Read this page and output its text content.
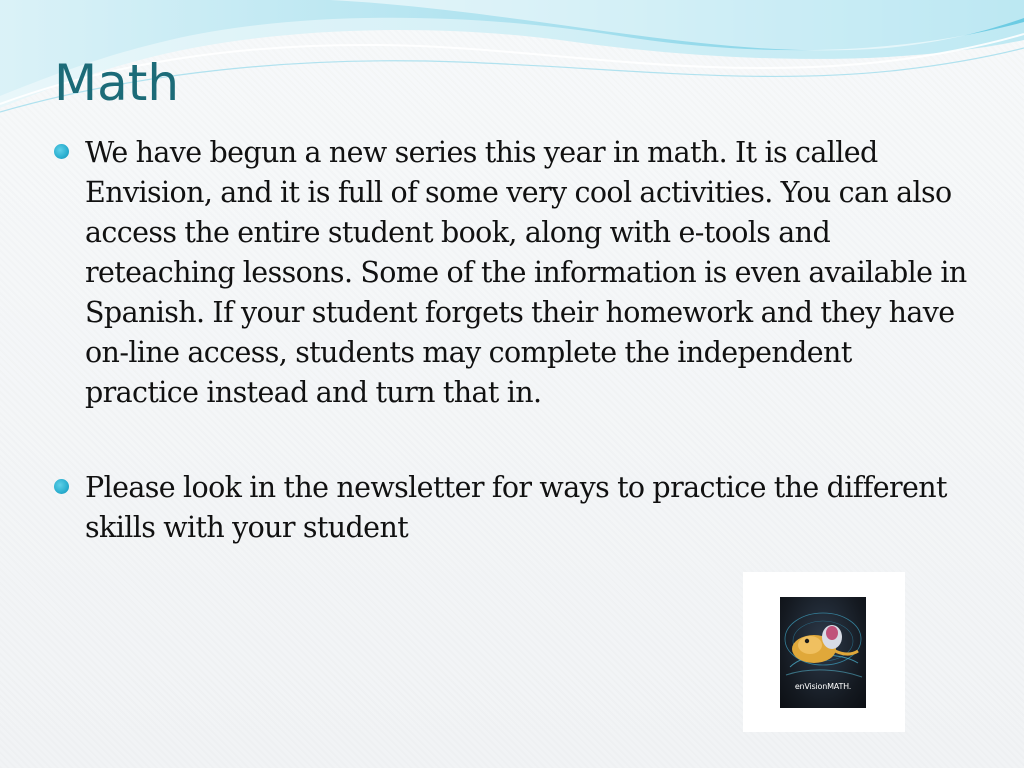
Math
We have begun a new series this year in math. It is called Envision, and it is full of some very cool activities. You can also access the entire student book, along with e-tools and reteaching lessons. Some of the information is even available in Spanish. If your student forgets their homework and they have on-line access, students may complete the independent practice instead and turn that in.
Please look in the newsletter for ways to practice the different skills with your student
enVisionMATH.
